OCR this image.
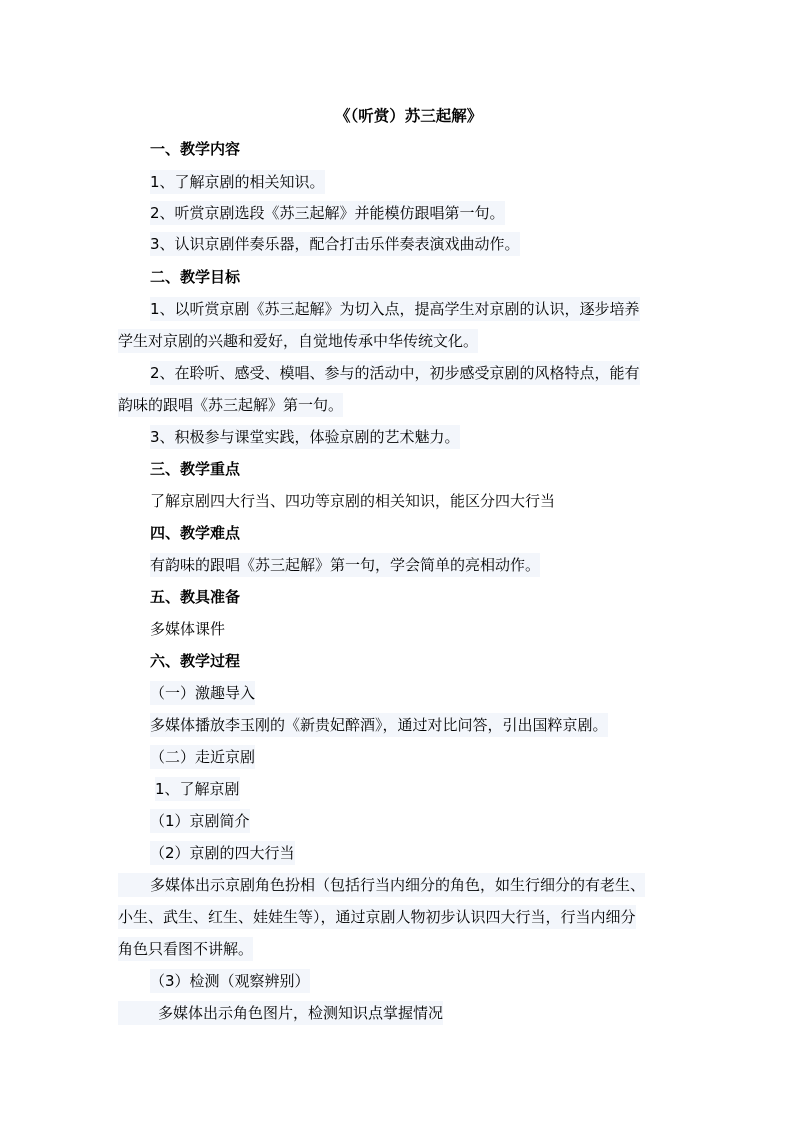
《（听赏）苏三起解》
一、教学内容
1、了解京剧的相关知识。
2、听赏京剧选段《苏三起解》并能模仿跟唱第一句。
3、认识京剧伴奏乐器，配合打击乐伴奏表演戏曲动作。
二、教学目标
1、以听赏京剧《苏三起解》为切入点，提高学生对京剧的认识，逐步培养
学生对京剧的兴趣和爱好，自觉地传承中华传统文化。
2、在聆听、感受、模唱、参与的活动中，初步感受京剧的风格特点，能有
韵味的跟唱《苏三起解》第一句。
3、积极参与课堂实践，体验京剧的艺术魅力。
三、教学重点
了解京剧四大行当、四功等京剧的相关知识，能区分四大行当
四、教学难点
有韵味的跟唱《苏三起解》第一句，学会简单的亮相动作。
五、教具准备
多媒体课件
六、教学过程
（一）激趣导入
多媒体播放李玉刚的《新贵妃醉酒》，通过对比问答，引出国粹京剧。
（二）走近京剧
1、了解京剧
（1）京剧简介
（2）京剧的四大行当
多媒体出示京剧角色扮相（包括行当内细分的角色，如生行细分的有老生、
小生、武生、红生、娃娃生等），通过京剧人物初步认识四大行当，行当内细分
角色只看图不讲解。
（3）检测（观察辨别）
多媒体出示角色图片，检测知识点掌握情况
